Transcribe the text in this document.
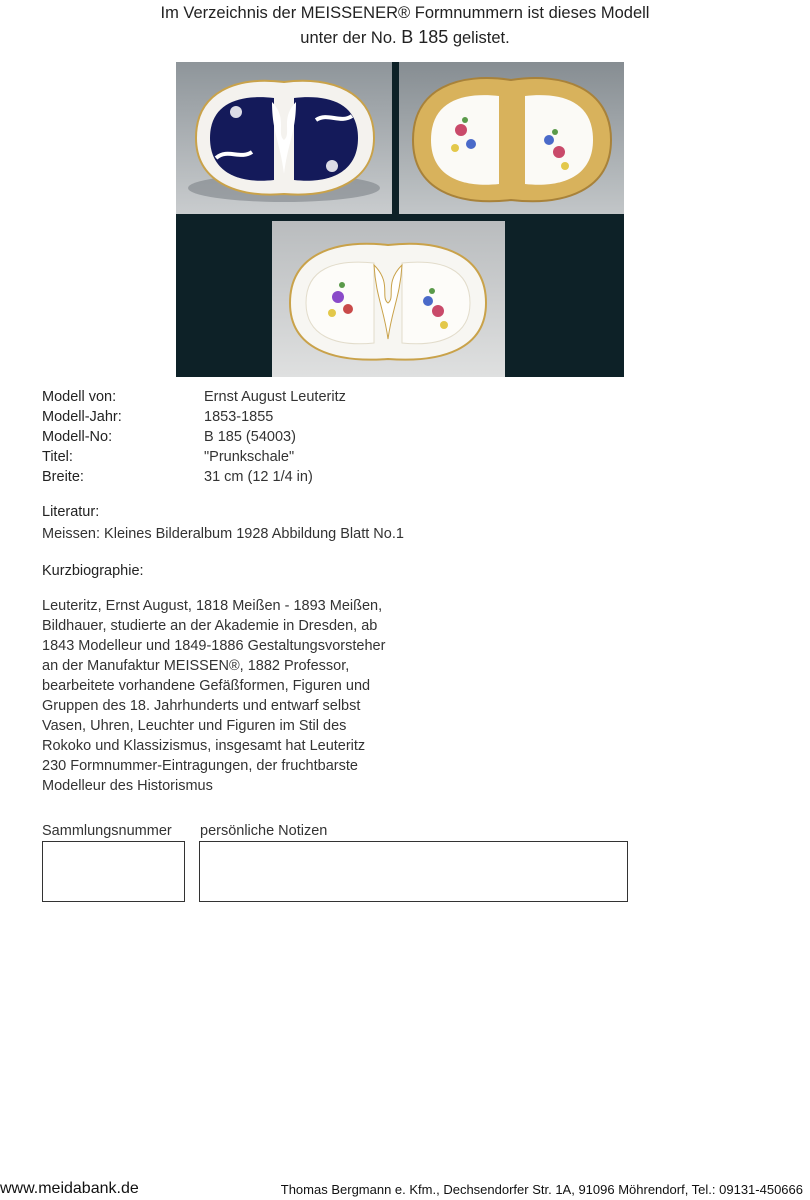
Im Verzeichnis der MEISSENER® Formnummern ist dieses Modell
unter der No. B 185 gelistet.
Modell von:	Ernst August Leuteritz
Modell-Jahr:	1853-1855
Modell-No:	B 185 (54003)
Titel:	"Prunkschale"
Breite:	31 cm (12 1/4 in)
Literatur:
Meissen: Kleines Bilderalbum 1928 Abbildung Blatt No.1
Kurzbiographie:
Leuteritz, Ernst August, 1818 Meißen - 1893 Meißen,
Bildhauer, studierte an der Akademie in Dresden, ab
1843 Modelleur und 1849-1886 Gestaltungsvorsteher
an der Manufaktur MEISSEN®, 1882 Professor,
bearbeitete vorhandene Gefäßformen, Figuren und
Gruppen des 18. Jahrhunderts und entwarf selbst
Vasen, Uhren, Leuchter und Figuren im Stil des
Rokoko und Klassizismus, insgesamt hat Leuteritz
230 Formnummer-Eintragungen, der fruchtbarste
Modelleur des Historismus
Sammlungsnummer persönliche Notizen
www.meidabank.de	Thomas Bergmann e. Kfm., Dechsendorfer Str. 1A, 91096 Möhrendorf, Tel.: 09131-450666
